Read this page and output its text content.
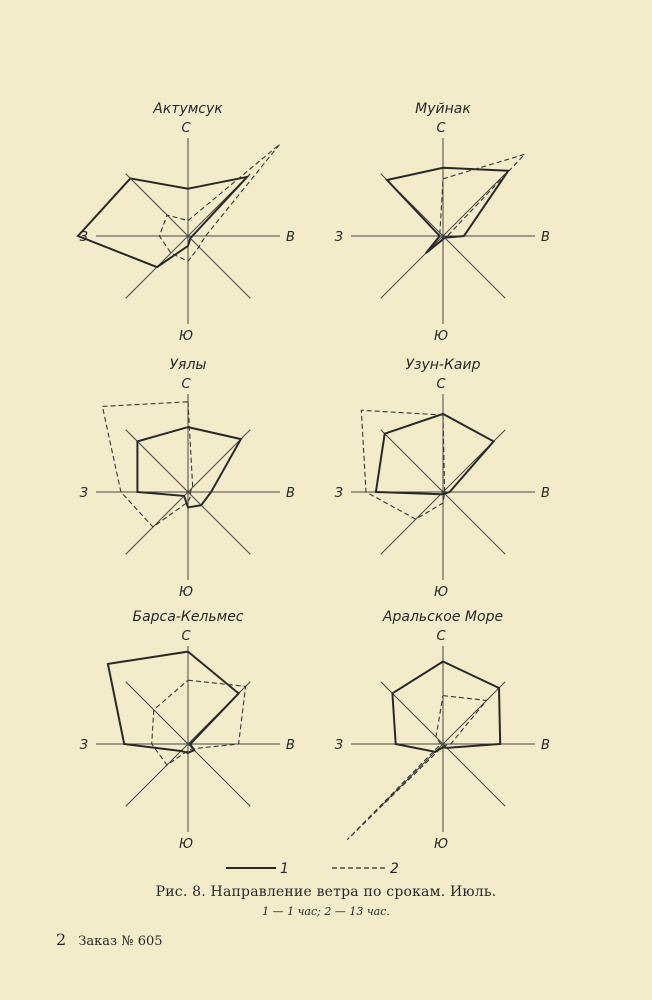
Актумсук
С
В
Ю
З
Муйнак
С
В
Ю
З
Уялы
С
В
Ю
З
Узун-Каир
С
В
Ю
З
Барса-Кельмес
С
В
Ю
З
Аральское Море
С
В
Ю
З
1	2
Рис. 8. Направление ветра по срокам. Июль.
1 — 1 час; 2 — 13 час.
2 Заказ № 605
